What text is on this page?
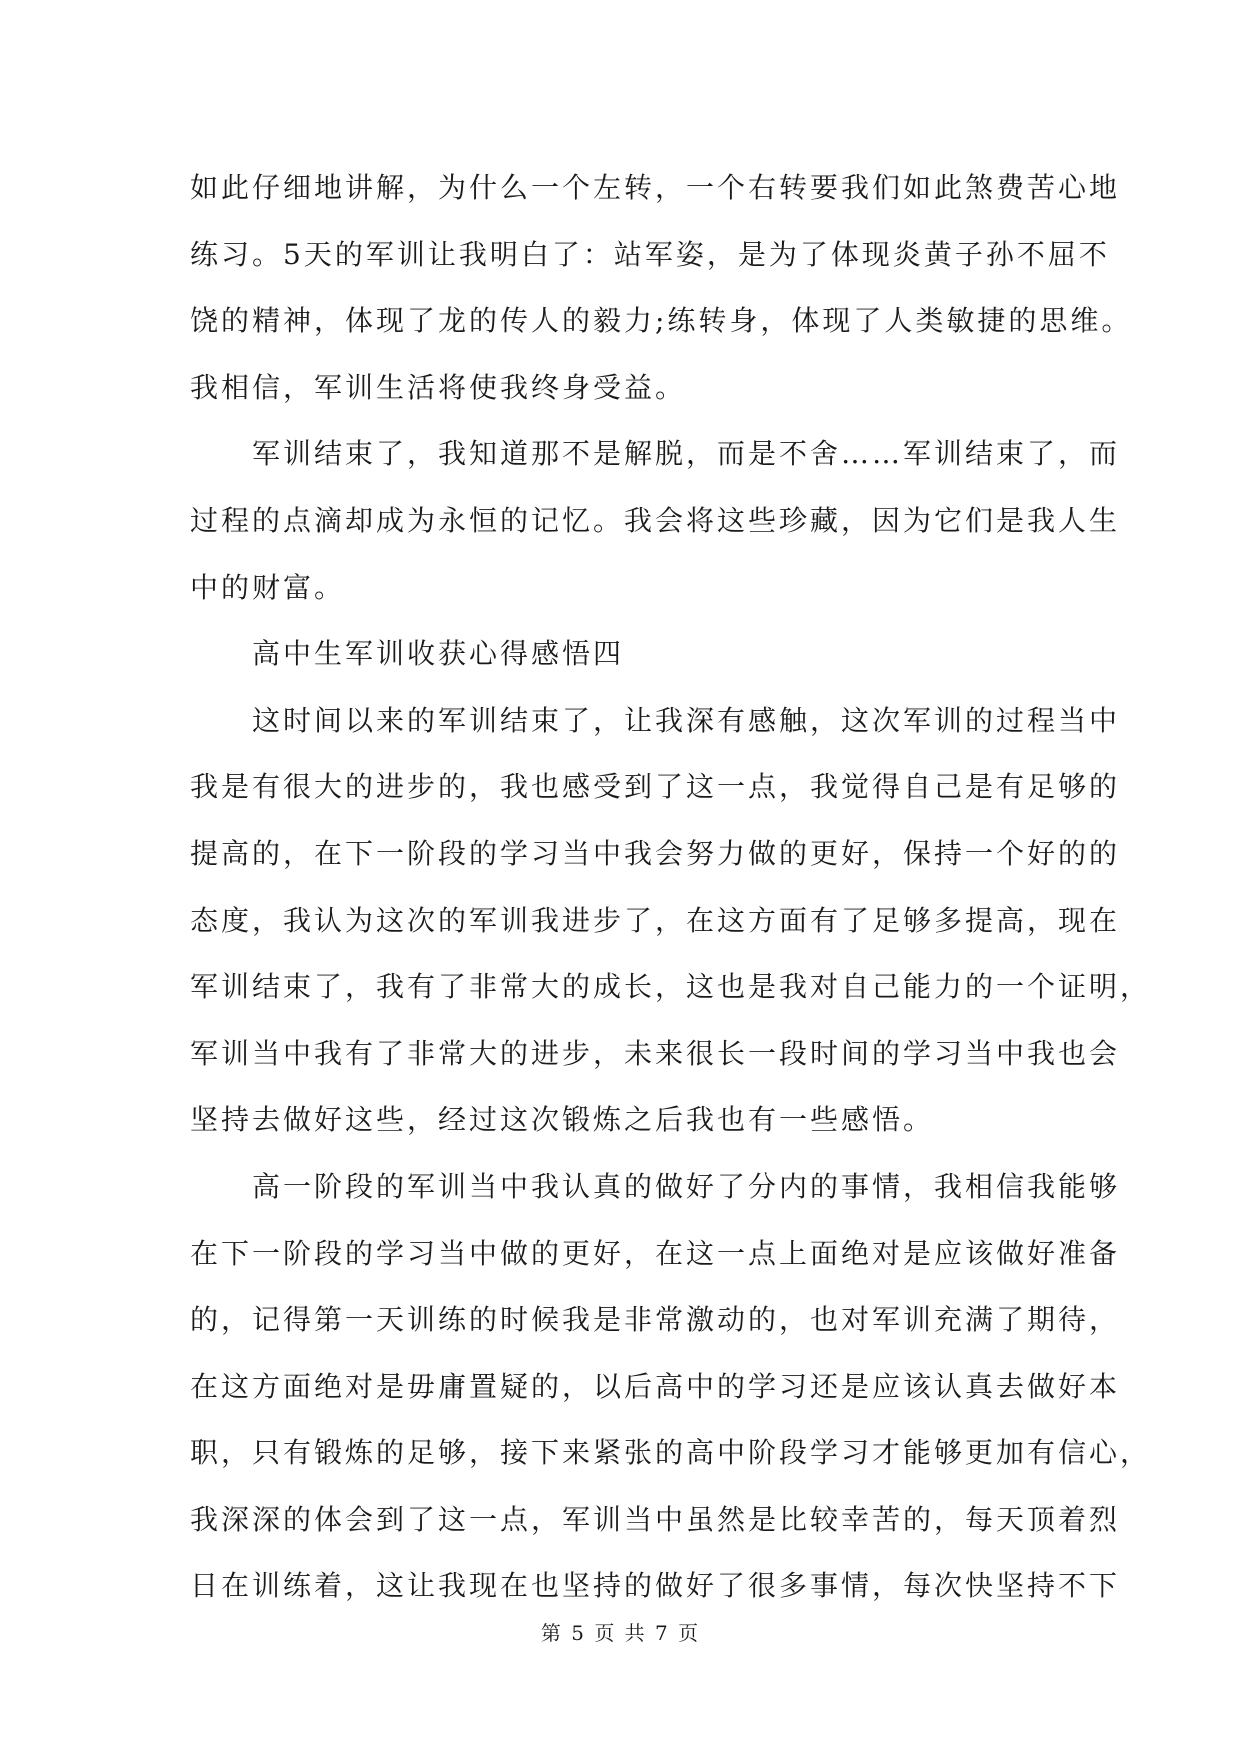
如此仔细地讲解，为什么一个左转，一个右转要我们如此煞费苦心地
练习。5天的军训让我明白了：站军姿，是为了体现炎黄子孙不屈不
饶的精神，体现了龙的传人的毅力;练转身，体现了人类敏捷的思维。
我相信，军训生活将使我终身受益。
军训结束了，我知道那不是解脱，而是不舍……军训结束了，而
过程的点滴却成为永恒的记忆。我会将这些珍藏，因为它们是我人生
中的财富。
高中生军训收获心得感悟四
这时间以来的军训结束了，让我深有感触，这次军训的过程当中
我是有很大的进步的，我也感受到了这一点，我觉得自己是有足够的
提高的，在下一阶段的学习当中我会努力做的更好，保持一个好的的
态度，我认为这次的军训我进步了，在这方面有了足够多提高，现在
军训结束了，我有了非常大的成长，这也是我对自己能力的一个证明，
军训当中我有了非常大的进步，未来很长一段时间的学习当中我也会
坚持去做好这些，经过这次锻炼之后我也有一些感悟。
高一阶段的军训当中我认真的做好了分内的事情，我相信我能够
在下一阶段的学习当中做的更好，在这一点上面绝对是应该做好准备
的，记得第一天训练的时候我是非常激动的，也对军训充满了期待，
在这方面绝对是毋庸置疑的，以后高中的学习还是应该认真去做好本
职，只有锻炼的足够，接下来紧张的高中阶段学习才能够更加有信心，
我深深的体会到了这一点，军训当中虽然是比较幸苦的，每天顶着烈
日在训练着，这让我现在也坚持的做好了很多事情，每次快坚持不下
第 5 页 共 7 页
